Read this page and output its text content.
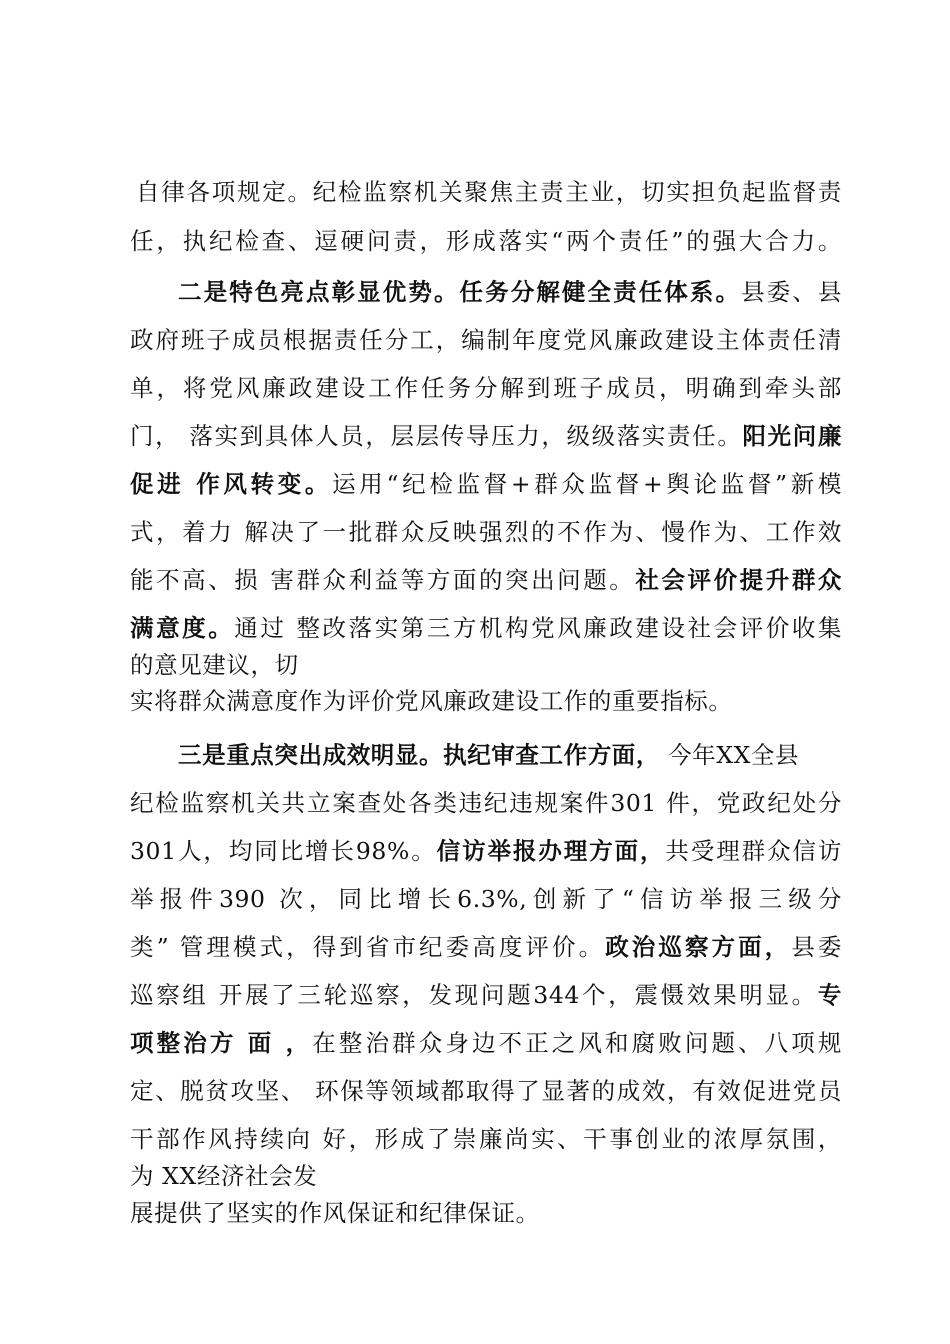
自律各项规定。纪检监察机关聚焦主责主业，切实担负起监督责
任，执纪检查、逗硬问责，形成落实“两个责任”的强大合力。
二是特色亮点彰显优势。任务分解健全责任体系。县委、县
政府班子成员根据责任分工，编制年度党风廉政建设主体责任清
单，将党风廉政建设工作任务分解到班子成员，明确到牵头部
门， 落实到具体人员，层层传导压力，级级落实责任。阳光问廉
促进 作风转变。运用“纪检监督+群众监督+舆论监督”新模
式，着力 解决了一批群众反映强烈的不作为、慢作为、工作效
能不高、损 害群众利益等方面的突出问题。社会评价提升群众
满意度。通过 整改落实第三方机构党风廉政建设社会评价收集
的意见建议，切
实将群众满意度作为评价党风廉政建设工作的重要指标。
三是重点突出成效明显。执纪审查工作方面， 今年XX全县
纪检监察机关共立案查处各类违纪违规案件301 件，党政纪处分
301人，均同比增长98%。信访举报办理方面，共受理群众信访
举报件390 次，同比增长6.3%,创新了“信访举报三级分
类” 管理模式，得到省市纪委高度评价。政治巡察方面，县委
巡察组 开展了三轮巡察，发现问题344个，震慑效果明显。专
项整治方 面 ，在整治群众身边不正之风和腐败问题、八项规
定、脱贫攻坚、 环保等领域都取得了显著的成效，有效促进党员
干部作风持续向 好，形成了崇廉尚实、干事创业的浓厚氛围，
为 XX经济社会发
展提供了坚实的作风保证和纪律保证。
